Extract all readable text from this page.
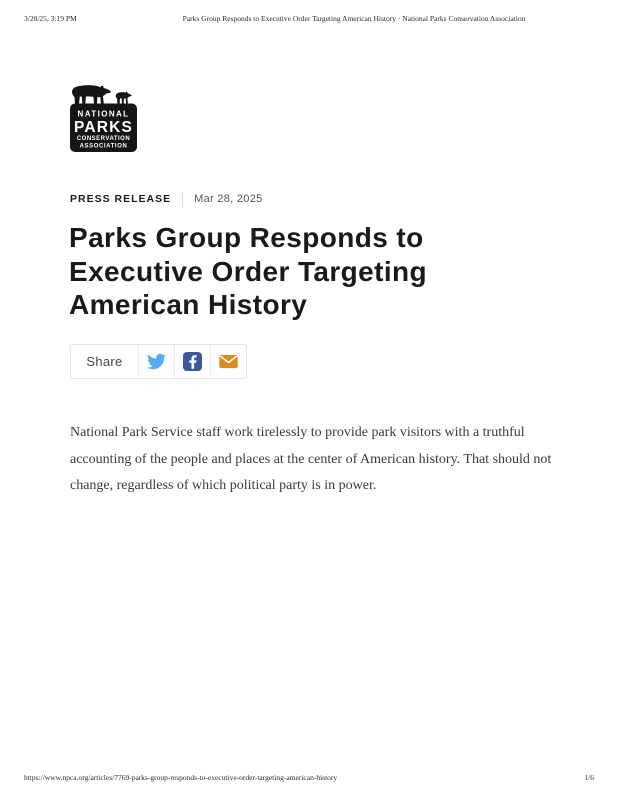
3/28/25, 3:19 PM	Parks Group Responds to Executive Order Targeting American History · National Parks Conservation Association
NATIONAL
PARKS
CONSERVATION
ASSOCIATION
PRESS RELEASE Mar 28, 2025
Parks Group Responds to Executive Order Targeting American History
Share

National Park Service staff work tirelessly to provide park visitors with a truthful accounting of the people and places at the center of American history. That should not change, regardless of which political party is in power.

https://www.npca.org/articles/7769-parks-group-responds-to-executive-order-targeting-american-history	1/6
